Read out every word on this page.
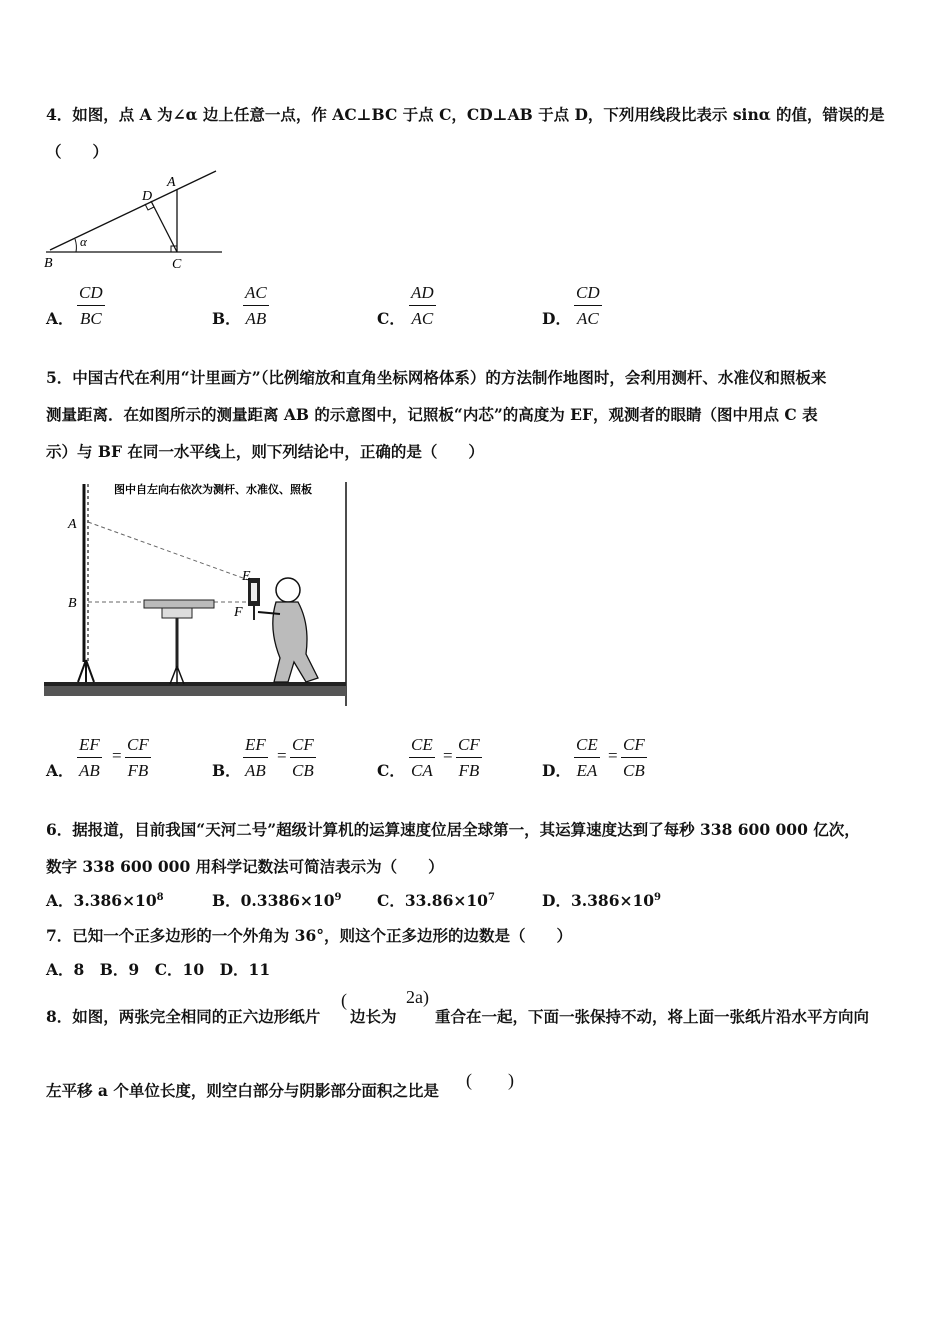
4．如图，点 A 为∠α 边上任意一点，作 AC⊥BC 于点 C，CD⊥AB 于点 D，下列用线段比表示 sinα 的值，错误的是
（　　）
α
A
D
B	C
A． $\frac{CD}{BC}$	B． $\frac{AC}{AB}$	C． $\frac{AD}{AC}$	D． $\frac{CD}{AC}$
5．中国古代在利用“计里画方”（比例缩放和直角坐标网格体系）的方法制作地图时，会利用测杆、水准仪和照板来
测量距离．在如图所示的测量距离 AB 的示意图中，记照板“内芯”的高度为 EF，观测者的眼睛（图中用点 C 表
示）与 BF 在同一水平线上，则下列结论中，正确的是（　　）
图中自左向右依次为测杆、水准仪、照板
A
B
E
F
A． $\frac{EF}{AB} = \frac{CF}{FB}$	B． $\frac{EF}{AB} = \frac{CF}{CB}$	C． $\frac{CE}{CA} = \frac{CF}{FB}$	D． $\frac{CE}{EA} = \frac{CF}{CB}$
6．据报道，目前我国“天河二号”超级计算机的运算速度位居全球第一，其运算速度达到了每秒 338 600 000 亿次，
数字 338 600 000 用科学记数法可简洁表示为（　　）
A．$3.386\times 10^8$	B．$0.3386\times 10^9$ C．$33.86\times 10^7$	D．$3.386\times 10^9$
7．已知一个正多边形的一个外角为 36°，则这个正多边形的边数是（　　）
A．8　B．9　C．10　D．11
8．如图，两张完全相同的正六边形纸片
(
边长为
2a)
重合在一起，下面一张保持不动，将上面一张纸片沿水平方向向
左平移 a 个单位长度，则空白部分与阴影部分面积之比是
(　　)
